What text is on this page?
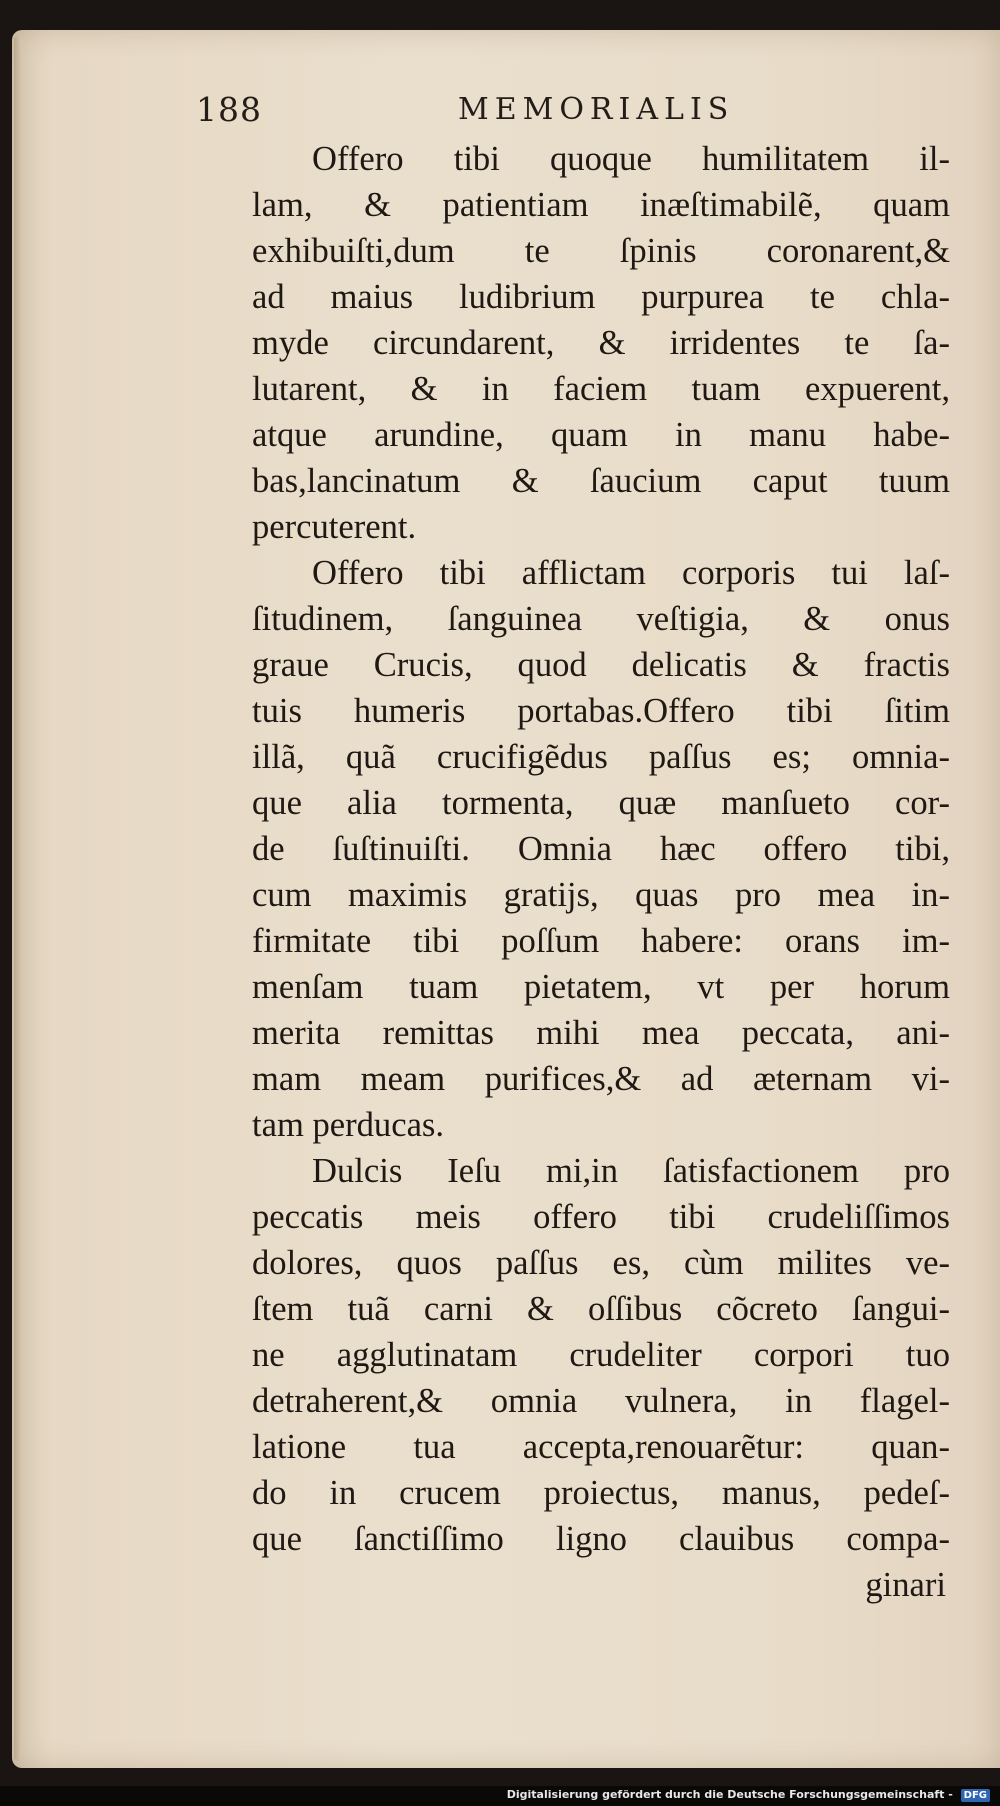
188	MEMORIALIS
Offero tibi quoque humilitatem il-
lam, & patientiam inæſtimabilẽ, quam
exhibuiſti,dum te ſpinis coronarent,&
ad maius ludibrium purpurea te chla-
myde circundarent, & irridentes te ſa-
lutarent, & in faciem tuam expuerent,
atque arundine, quam in manu habe-
bas,lancinatum & ſaucium caput tuum
percuterent.
Offero tibi afflictam corporis tui laſ-
ſitudinem, ſanguinea veſtigia, & onus
graue Crucis, quod delicatis & fractis
tuis humeris portabas.Offero tibi ſitim
illã, quã crucifigẽdus paſſus es; omnia-
que alia tormenta, quæ manſueto cor-
de ſuſtinuiſti. Omnia hæc offero tibi,
cum maximis gratijs, quas pro mea in-
firmitate tibi poſſum habere: orans im-
menſam tuam pietatem, vt per horum
merita remittas mihi mea peccata, ani-
mam meam purifices,& ad æternam vi-
tam perducas.
Dulcis Ieſu mi,in ſatisfactionem pro
peccatis meis offero tibi crudeliſſimos
dolores, quos paſſus es, cùm milites ve-
ſtem tuã carni & oſſibus cõcreto ſangui-
ne agglutinatam crudeliter corpori tuo
detraherent,& omnia vulnera, in flagel-
latione tua accepta,renouarẽtur: quan-
do in crucem proiectus, manus, pedeſ-
que ſanctiſſimo ligno clauibus compa-
ginari
Digitalisierung gefördert durch die Deutsche Forschungsgemeinschaft - DFG
